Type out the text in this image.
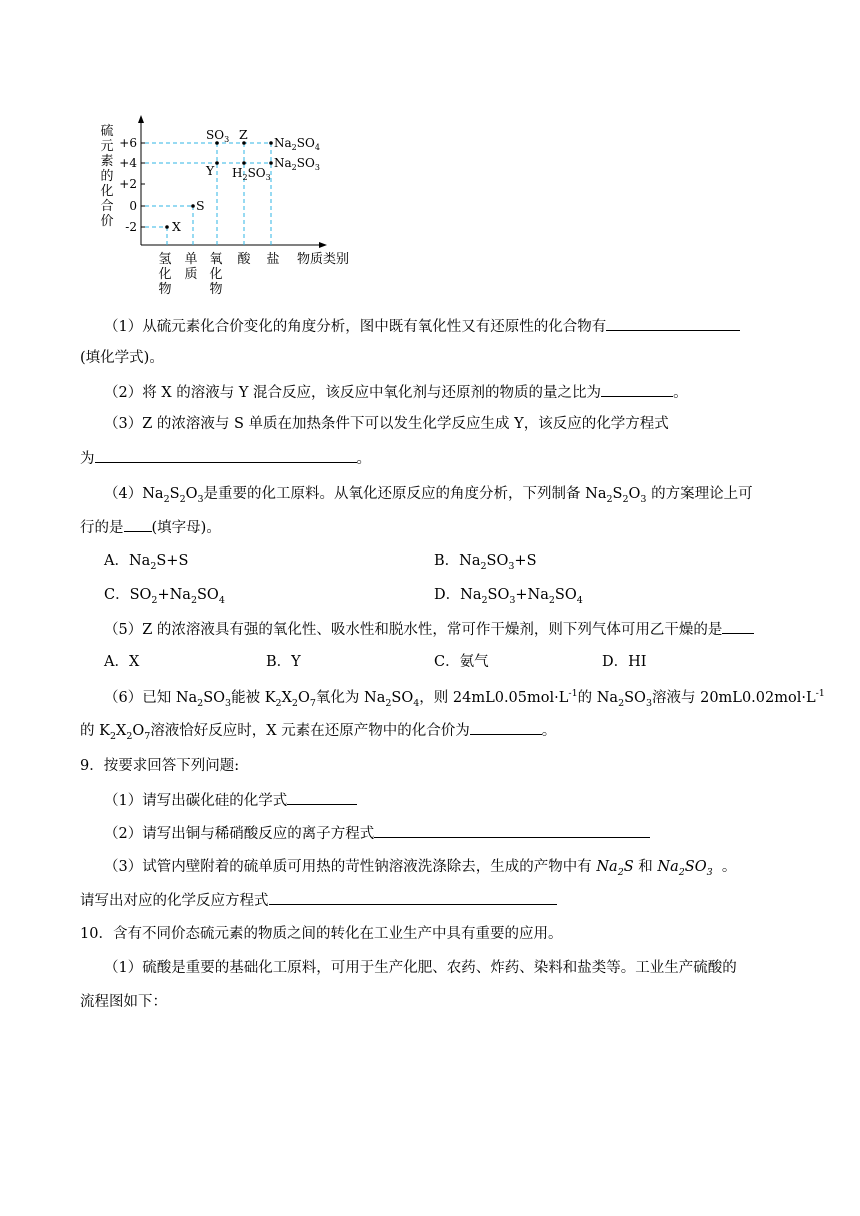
硫
元
素
的
化
合
价
+6
+4
+2
0
-2	X
S
$SO_3$ Z
Y $H_2SO_3$
$Na_2SO_4$
$Na_2SO_3$
氢
化
物
单
质
氧
化
物
酸 盐 物质类别
（1）从硫元素化合价变化的角度分析，图中既有氧化性又有还原性的化合物有
(填化学式)。
（2）将 X 的溶液与 Y 混合反应，该反应中氧化剂与还原剂的物质的量之比为	。
（3）Z 的浓溶液与 S 单质在加热条件下可以发生化学反应生成 Y，该反应的化学方程式
为	。
$(4)Na_2S_2O_3$是重要的化工原料。从氧化还原反应的角度分析，下列制备 $Na_2S_2O_3$ 的方案理论上可
行的是 (填字母)。
A．$Na_2S+S$	B．$Na_2SO_3+S$
C．$SO_2+Na_2SO_4$	D．$Na_2SO_3+Na_2SO_4$
（5）Z 的浓溶液具有强的氧化性、吸水性和脱水性，常可作干燥剂，则下列气体可用乙干燥的是
A．X	B．Y	C．氨气	D．HI
（6）已知 $Na_2SO_3$能被 $K_2X_2O_7$氧化为 $Na_2SO_4$，则 $24mL0.05mol\cdot L^{-1}$的 $Na_2SO_3$溶液与 $20mL0.02mol\cdot L^{-1}$
的 $K_2X_2O_7$溶液恰好反应时，X 元素在还原产物中的化合价为	。
9．按要求回答下列问题:
（1）请写出碳化硅的化学式
（2）请写出铜与稀硝酸反应的离子方程式
（3）试管内壁附着的硫单质可用热的苛性钠溶液洗涤除去，生成的产物中有 $Na_2S$ 和 $Na_2SO_3$ 。
请写出对应的化学反应方程式
10．含有不同价态硫元素的物质之间的转化在工业生产中具有重要的应用。
（1）硫酸是重要的基础化工原料，可用于生产化肥、农药、炸药、染料和盐类等。工业生产硫酸的
流程图如下：
